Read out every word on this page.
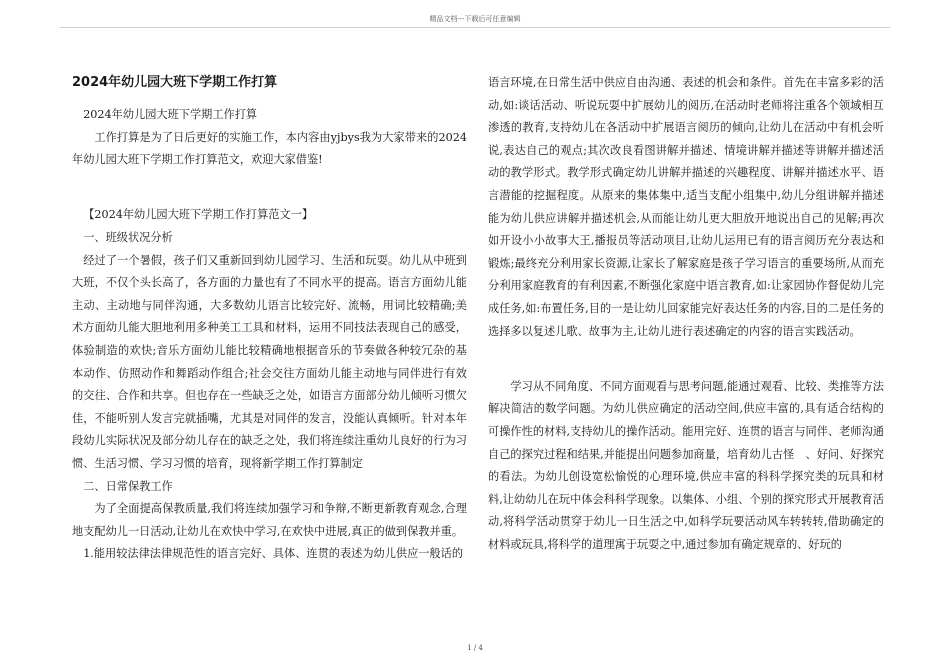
精品文档---下载后可任意编辑
2024年幼儿园大班下学期工作打算

2024年幼儿园大班下学期工作打算

工作打算是为了日后更好的实施工作，本内容由yjbys我为大家带来的2024年幼儿园大班下学期工作打算范文，欢迎大家借鉴!

【2024年幼儿园大班下学期工作打算范文一】

一、班级状况分析

经过了一个暑假，孩子们又重新回到幼儿园学习、生活和玩耍。幼儿从中班到大班，不仅个头长高了，各方面的力量也有了不同水平的提高。语言方面幼儿能主动、主动地与同伴沟通，大多数幼儿语言比较完好、流畅，用词比较精确;美术方面幼儿能大胆地利用多种美工工具和材料，运用不同技法表现自己的感受，体验制造的欢快;音乐方面幼儿能比较精确地根据音乐的节奏做各种较冗杂的基本动作、仿照动作和舞蹈动作组合;社会交往方面幼儿能主动地与同伴进行有效的交往、合作和共享。但也存在一些缺乏之处，如语言方面部分幼儿倾听习惯欠佳，不能听别人发言完就插嘴，尤其是对同伴的发言，没能认真倾听。针对本年段幼儿实际状况及部分幼儿存在的缺乏之处，我们将连续注重幼儿良好的行为习惯、生活习惯、学习习惯的培育，现将新学期工作打算制定

二、日常保教工作

为了全面提高保教质量,我们将连续加强学习和争辩,不断更新教育观念,合理地支配幼儿一日活动,让幼儿在欢快中学习,在欢快中进展,真正的做到保教并重。

1.能用较法律法律规范性的语言完好、具体、连贯的表述为幼儿供应一般话的

语言环境,在日常生活中供应自由沟通、表述的机会和条件。首先在丰富多彩的活动,如:谈话活动、听说玩耍中扩展幼儿的阅历,在活动时老师将注重各个领域相互渗透的教育,支持幼儿在各活动中扩展语言阅历的倾向,让幼儿在活动中有机会听说,表达自己的观点;其次改良看图讲解并描述、情境讲解并描述等讲解并描述活动的教学形式。教学形式确定幼儿讲解并描述的兴趣程度、讲解并描述水平、语言潜能的挖掘程度。从原来的集体集中,适当支配小组集中,幼儿分组讲解并描述能为幼儿供应讲解并描述机会,从而能让幼儿更大胆放开地说出自己的见解;再次如开设小小故事大王,播报员等活动项目,让幼儿运用已有的语言阅历充分表达和锻炼;最终充分利用家长资源,让家长了解家庭是孩子学习语言的重要场所,从而充分利用家庭教育的有利因素,不断强化家庭中语言教育,如:让家园协作督促幼儿完成任务,如:布置任务,目的一是让幼儿回家能完好表达任务的内容,目的二是任务的选择多以复述儿歌、故事为主,让幼儿进行表述确定的内容的语言实践活动。

学习从不同角度、不同方面观看与思考问题,能通过观看、比较、类推等方法解决简洁的数学问题。为幼儿供应确定的活动空间,供应丰富的,具有适合结构的可操作性的材料,支持幼儿的操作活动。能用完好、连贯的语言与同伴、老师沟通自己的探究过程和结果,并能提出问题参加商量，培育幼儿古怪　、好问、好探究的看法。为幼儿创设宽松愉悦的心理环境,供应丰富的科科学探究类的玩具和材料,让幼幼儿在玩中体会科科学现象。以集体、小组、个别的探究形式开展教育活动,将科学活动贯穿于幼儿一日生活之中,如科学玩要活动风车转转转,借助确定的材料或玩具,将科学的道理寓于玩耍之中,通过参加有确定规章的、好玩的

1 / 4
